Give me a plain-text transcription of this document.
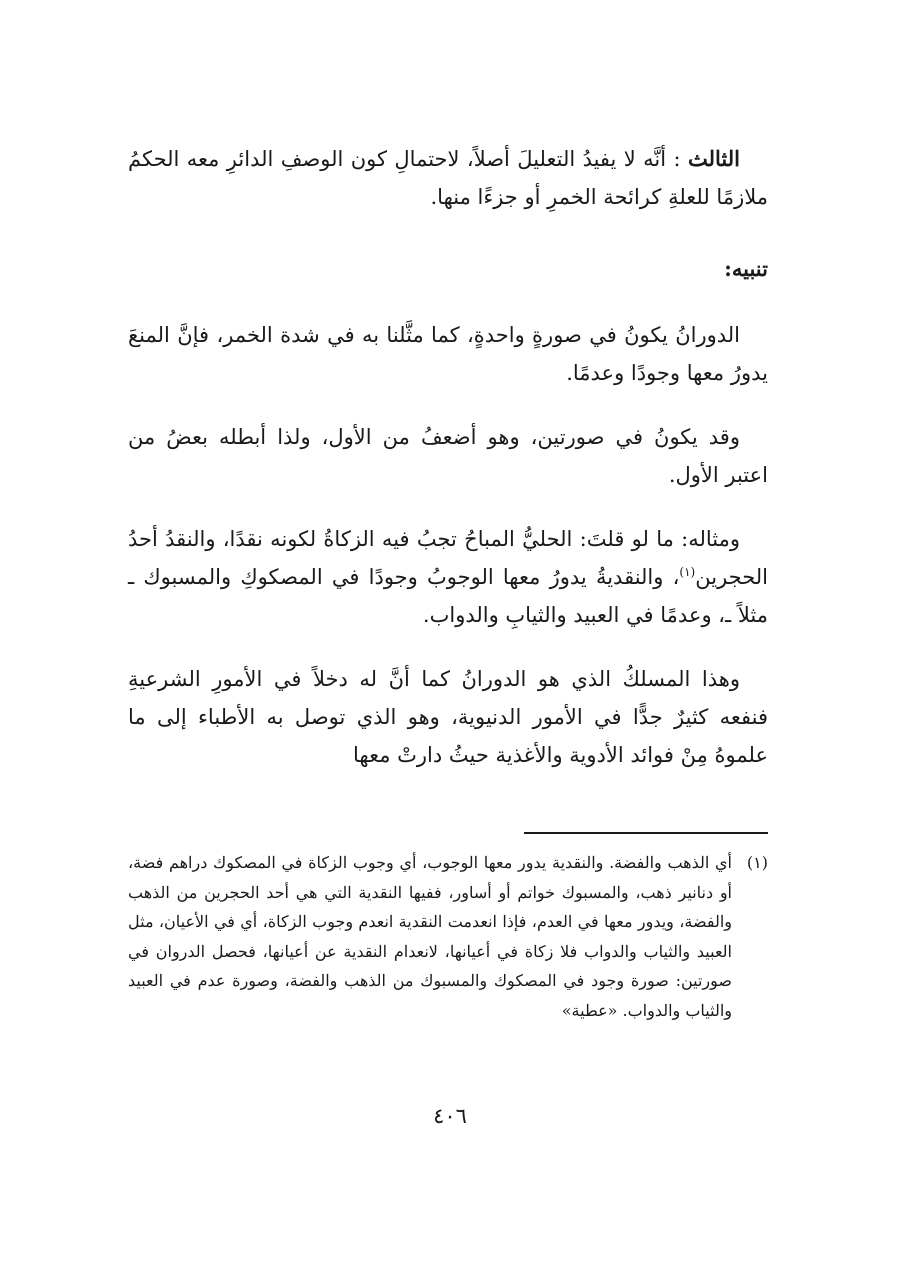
الثالث : أنَّه لا يفيدُ التعليلَ أصلاً، لاحتمالِ كون الوصفِ الدائرِ معه الحكمُ ملازمًا للعلةِ كرائحة الخمرِ أو جزءًا منها.

تنبيه:

الدورانُ يكونُ في صورةٍ واحدةٍ، كما مثَّلنا به في شدة الخمر، فإنَّ المنعَ يدورُ معها وجودًا وعدمًا.

وقد يكونُ في صورتين، وهو أضعفُ من الأول، ولذا أبطله بعضُ من اعتبر الأول.

ومثاله: ما لو قلتَ: الحليُّ المباحُ تجبُ فيه الزكاةُ لكونه نقدًا، والنقدُ أحدُ الحجرين$^{(١)}$، والنقديةُ يدورُ معها الوجوبُ وجودًا في المصكوكِ والمسبوك ـ مثلاً ـ، وعدمًا في العبيد والثيابِ والدواب.

وهذا المسلكُ الذي هو الدورانُ كما أنَّ له دخلاً في الأمورِ الشرعيةِ فنفعه كثيرٌ جدًّا في الأمور الدنيوية، وهو الذي توصل به الأطباء إلى ما علموهُ مِنْ فوائد الأدوية والأغذية حيثُ دارتْ معها

(١)
أي الذهب والفضة. والنقدية يدور معها الوجوب، أي وجوب الزكاة في المصكوك دراهم فضة، أو دنانير ذهب، والمسبوك خواتم أو أساور، ففيها النقدية التي هي أحد الحجرين من الذهب والفضة، ويدور معها في العدم، فإذا انعدمت النقدية انعدم وجوب الزكاة، أي في الأعيان، مثل العبيد والثياب والدواب فلا زكاة في أعيانها، لانعدام النقدية عن أعيانها، فحصل الدروان في صورتين: صورة وجود في المصكوك والمسبوك من الذهب والفضة، وصورة عدم في العبيد والثياب والدواب. «عطية»
٤٠٦
